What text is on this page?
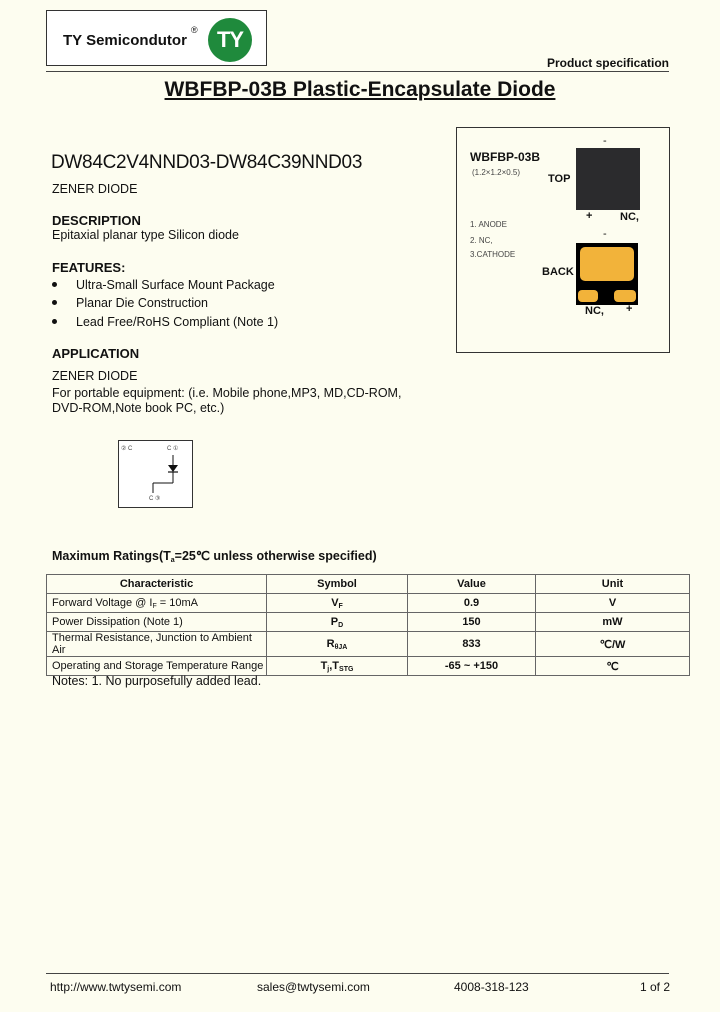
TY Semicondutor
® TY
Product specification
WBFBP-03B Plastic-Encapsulate Diode
DW84C2V4NND03-DW84C39NND03
ZENER DIODE
DESCRIPTION
Epitaxial planar type Silicon diode
FEATURES:
Ultra-Small Surface Mount Package
Planar Die Construction
Lead Free/RoHS Compliant (Note 1)
APPLICATION
ZENER DIODE
For portable equipment: (i.e. Mobile phone,MP3, MD,CD-ROM,
DVD-ROM,Note book PC, etc.)
② C	C ①
C ③
WBFBP-03B
(1.2×1.2×0.5)
TOP
-
+	NC,
1. ANODE
2. NC,
3.CATHODE
-
BACK
NC, +
Maximum $Ratings(T_a=25℃$ unless otherwise specified)
Characteristic	Symbol	Value	Unit
Forward Voltage @ $I_F = 10mA$	$V_F$	0.9	V
Power Dissipation (Note 1)	$P_D$	150	mW
Thermal Resistance, Junction to Ambient Air	$R_{\theta JA}$	833	℃/W
Operating and Storage Temperature Range	$T_j,T_{STG}$	-65 ~ +150	℃
Notes: 1. No purposefully added lead.
http://www.twtysemi.com	sales@twtysemi.com	4008-318-123	1 of 2
